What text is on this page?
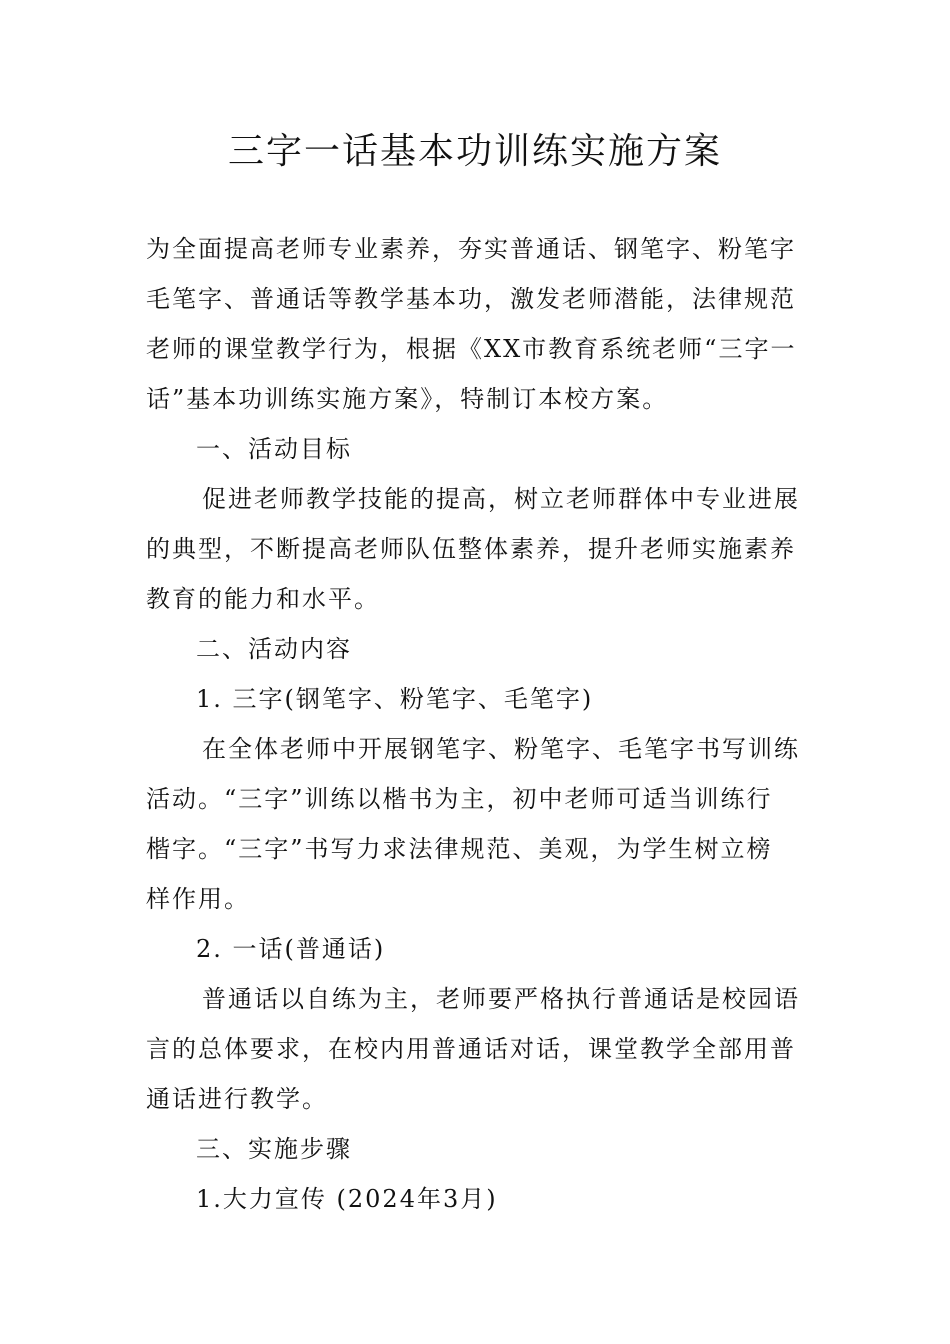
三字一话基本功训练实施方案
为全面提高老师专业素养，夯实普通话、钢笔字、粉笔字
毛笔字、普通话等教学基本功，激发老师潜能，法律规范
老师的课堂教学行为，根据《XX市教育系统老师“三字一
话”基本功训练实施方案》，特制订本校方案。
一、活动目标
促进老师教学技能的提高，树立老师群体中专业进展
的典型，不断提高老师队伍整体素养，提升老师实施素养
教育的能力和水平。
二、活动内容
1. 三字(钢笔字、粉笔字、毛笔字)
在全体老师中开展钢笔字、粉笔字、毛笔字书写训练
活动。“三字”训练以楷书为主，初中老师可适当训练行
楷字。“三字”书写力求法律规范、美观，为学生树立榜
样作用。
2. 一话(普通话)
普通话以自练为主，老师要严格执行普通话是校园语
言的总体要求，在校内用普通话对话，课堂教学全部用普
通话进行教学。
三、实施步骤
1.大力宣传 (2024年3月)
